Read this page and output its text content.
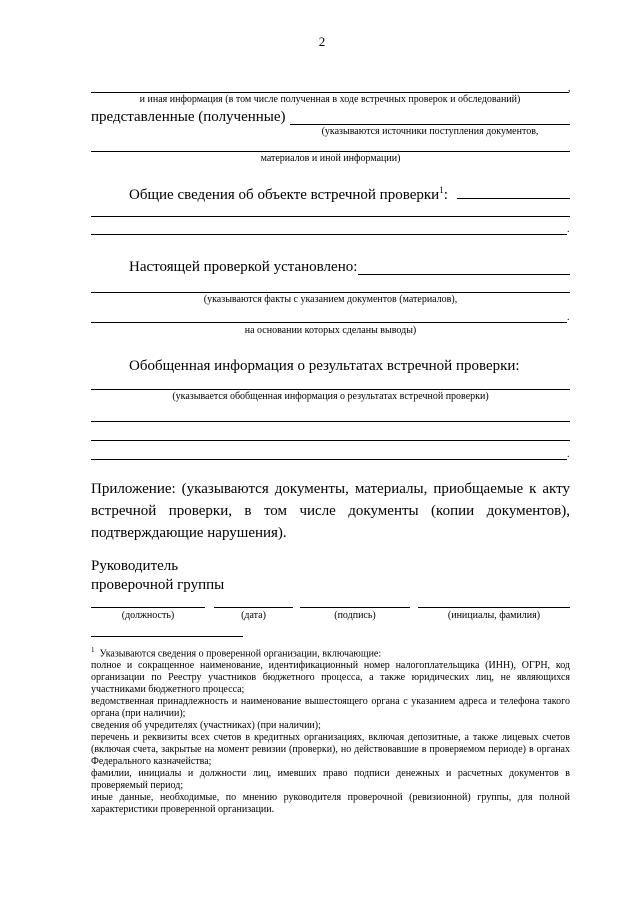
2
,
и иная информация (в том числе полученная в ходе встречных проверок и обследований)
представленные (полученные)
(указываются источники поступления документов,
материалов и иной информации)
Общие сведения об объекте встречной проверки$^1$:
.
Настоящей проверкой установлено:
(указываются факты с указанием документов (материалов),
.
на основании которых сделаны выводы)
Обобщенная информация о результатах встречной проверки:
(указывается обобщенная информация о результатах встречной проверки)
.
Приложение: (указываются документы, материалы, приобщаемые к акту
встречной проверки, в том числе документы (копии документов),
подтверждающие нарушения).
Руководитель
проверочной группы
(должность)	(дата)	(подпись)	(инициалы, фамилия)
$^1$ Указываются сведения о проверенной организации, включающие:
полное и сокращенное наименование, идентификационный номер налогоплательщика (ИНН), ОГРН, код организации по Реестру участников бюджетного процесса, а также юридических лиц, не являющихся участниками бюджетного процесса;
ведомственная принадлежность и наименование вышестоящего органа с указанием адреса и телефона такого органа (при наличии);
сведения об учредителях (участниках) (при наличии);
перечень и реквизиты всех счетов в кредитных организациях, включая депозитные, а также лицевых счетов (включая счета, закрытые на момент ревизии (проверки), но действовавшие в проверяемом периоде) в органах Федерального казначейства;
фамилии, инициалы и должности лиц, имевших право подписи денежных и расчетных документов в проверяемый период;
иные данные, необходимые, по мнению руководителя проверочной (ревизионной) группы, для полной характеристики проверенной организации.
